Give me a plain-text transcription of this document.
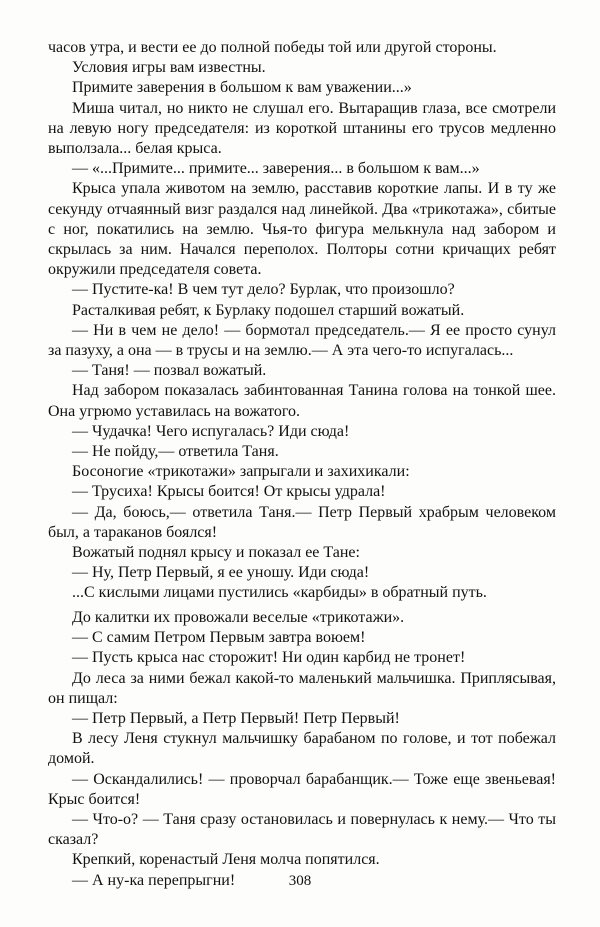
часов утра, и вести ее до полной победы той или другой стороны.

Условия игры вам известны.

Примите заверения в большом к вам уважении...»

Миша читал, но никто не слушал его. Вытаращив глаза, все смотрели на левую ногу председателя: из короткой штанины его трусов медленно выползала... белая крыса.

— «...Примите... примите... заверения... в большом к вам...»

Крыса упала животом на землю, расставив короткие лапы. И в ту же секунду отчаянный визг раздался над линейкой. Два «трикотажа», сбитые с ног, покатились на землю. Чья-то фигура мелькнула над забором и скрылась за ним. Начался переполох. Полторы сотни кричащих ребят окружили председателя совета.

— Пустите-ка! В чем тут дело? Бурлак, что произошло?

Расталкивая ребят, к Бурлаку подошел старший вожатый.

— Ни в чем не дело! — бормотал председатель.— Я ее просто сунул за пазуху, а она — в трусы и на землю.— А эта чего-то испугалась...

— Таня! — позвал вожатый.

Над забором показалась забинтованная Танина голова на тонкой шее. Она угрюмо уставилась на вожатого.

— Чудачка! Чего испугалась? Иди сюда!

— Не пойду,— ответила Таня.

Босоногие «трикотажи» запрыгали и захихикали:

— Трусиха! Крысы боится! От крысы удрала!

— Да, боюсь,— ответила Таня.— Петр Первый храбрым человеком был, а тараканов боялся!

Вожатый поднял крысу и показал ее Тане:

— Ну, Петр Первый, я ее уношу. Иди сюда!

...С кислыми лицами пустились «карбиды» в обратный путь.

До калитки их провожали веселые «трикотажи».

— С самим Петром Первым завтра воюем!

— Пусть крыса нас сторожит! Ни один карбид не тронет!

До леса за ними бежал какой-то маленький мальчишка. Приплясывая, он пищал:

— Петр Первый, а Петр Первый! Петр Первый!

В лесу Леня стукнул мальчишку барабаном по голове, и тот побежал домой.

— Оскандалились! — проворчал барабанщик.— Тоже еще звеньевая! Крыс боится!

— Что-о? — Таня сразу остановилась и повернулась к нему.— Что ты сказал?

Крепкий, коренастый Леня молча попятился.

— А ну-ка перепрыгни!	308
